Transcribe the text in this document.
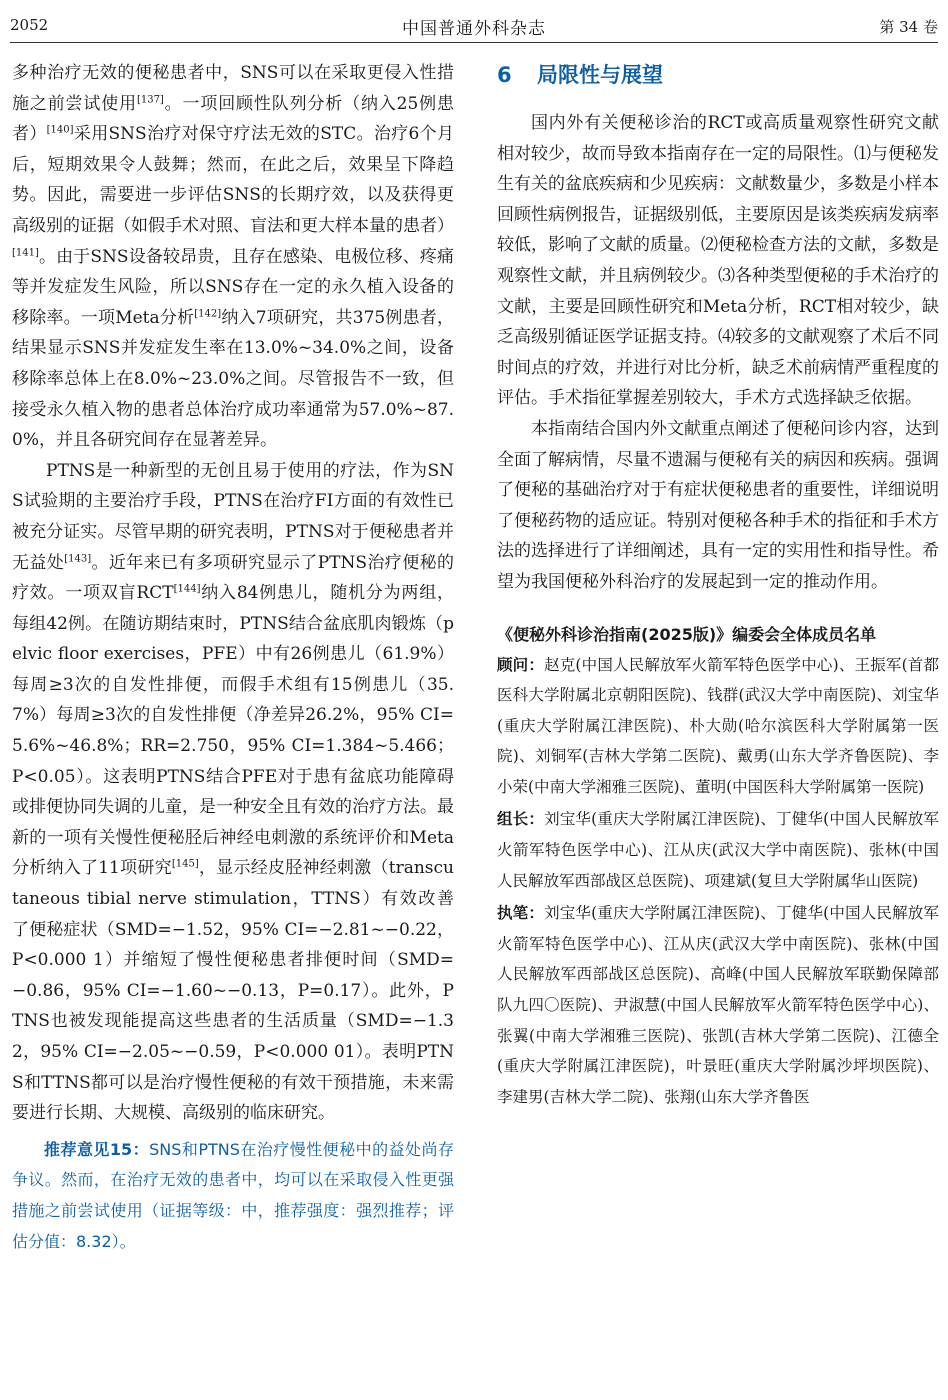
2052	中国普通外科杂志	第 34 卷

多种治疗无效的便秘患者中，SNS可以在采取更侵入性措施之前尝试使用[137]。一项回顾性队列分析（纳入25例患者）[140]采用SNS治疗对保守疗法无效的STC。治疗6个月后，短期效果令人鼓舞；然而，在此之后，效果呈下降趋势。因此，需要进一步评估SNS的长期疗效，以及获得更高级别的证据（如假手术对照、盲法和更大样本量的患者）[141]。由于SNS设备较昂贵，且存在感染、电极位移、疼痛等并发症发生风险，所以SNS存在一定的永久植入设备的移除率。一项Meta分析[142]纳入7项研究，共375例患者，结果显示SNS并发症发生率在13.0%~34.0%之间，设备移除率总体上在8.0%~23.0%之间。尽管报告不一致，但接受永久植入物的患者总体治疗成功率通常为57.0%~87.0%，并且各研究间存在显著差异。

PTNS是一种新型的无创且易于使用的疗法，作为SNS试验期的主要治疗手段，PTNS在治疗FI方面的有效性已被充分证实。尽管早期的研究表明，PTNS对于便秘患者并无益处[143]。近年来已有多项研究显示了PTNS治疗便秘的疗效。一项双盲RCT[144]纳入84例患儿，随机分为两组，每组42例。在随访期结束时，PTNS结合盆底肌肉锻炼（pelvic floor exercises，PFE）中有26例患儿（61.9%）每周≥3次的自发性排便，而假手术组有15例患儿（35.7%）每周≥3次的自发性排便（净差异26.2%，95% CI=5.6%~46.8%；RR=2.750，95% CI=1.384~5.466；P<0.05）。这表明PTNS结合PFE对于患有盆底功能障碍或排便协同失调的儿童，是一种安全且有效的治疗方法。最新的一项有关慢性便秘胫后神经电刺激的系统评价和Meta分析纳入了11项研究[145]，显示经皮胫神经刺激（transcutaneous tibial nerve stimulation，TTNS）有效改善了便秘症状（SMD=−1.52，95% CI=−2.81~−0.22，P<0.000 1）并缩短了慢性便秘患者排便时间（SMD=−0.86，95% CI=−1.60~−0.13，P=0.17）。此外，PTNS也被发现能提高这些患者的生活质量（SMD=−1.32，95% CI=−2.05~−0.59，P<0.000 01）。表明PTNS和TTNS都可以是治疗慢性便秘的有效干预措施，未来需要进行长期、大规模、高级别的临床研究。

推荐意见15：SNS和PTNS在治疗慢性便秘中的益处尚存争议。然而，在治疗无效的患者中，均可以在采取侵入性更强措施之前尝试使用（证据等级：中，推荐强度：强烈推荐；评估分值：8.32）。
6 局限性与展望

国内外有关便秘诊治的RCT或高质量观察性研究文献相对较少，故而导致本指南存在一定的局限性。⑴与便秘发生有关的盆底疾病和少见疾病：文献数量少，多数是小样本回顾性病例报告，证据级别低，主要原因是该类疾病发病率较低，影响了文献的质量。⑵便秘检查方法的文献，多数是观察性文献，并且病例较少。⑶各种类型便秘的手术治疗的文献，主要是回顾性研究和Meta分析，RCT相对较少，缺乏高级别循证医学证据支持。⑷较多的文献观察了术后不同时间点的疗效，并进行对比分析，缺乏术前病情严重程度的评估。手术指征掌握差别较大，手术方式选择缺乏依据。

本指南结合国内外文献重点阐述了便秘问诊内容，达到全面了解病情，尽量不遗漏与便秘有关的病因和疾病。强调了便秘的基础治疗对于有症状便秘患者的重要性，详细说明了便秘药物的适应证。特别对便秘各种手术的指征和手术方法的选择进行了详细阐述，具有一定的实用性和指导性。希望为我国便秘外科治疗的发展起到一定的推动作用。

《便秘外科诊治指南(2025版)》编委会全体成员名单

顾问：赵克(中国人民解放军火箭军特色医学中心)、王振军(首都医科大学附属北京朝阳医院)、钱群(武汉大学中南医院)、刘宝华(重庆大学附属江津医院)、朴大勋(哈尔滨医科大学附属第一医院)、刘铜军(吉林大学第二医院)、戴勇(山东大学齐鲁医院)、李小荣(中南大学湘雅三医院)、董明(中国医科大学附属第一医院)

组长：刘宝华(重庆大学附属江津医院)、丁健华(中国人民解放军火箭军特色医学中心)、江从庆(武汉大学中南医院)、张林(中国人民解放军西部战区总医院)、项建斌(复旦大学附属华山医院)

执笔：刘宝华(重庆大学附属江津医院)、丁健华(中国人民解放军火箭军特色医学中心)、江从庆(武汉大学中南医院)、张林(中国人民解放军西部战区总医院)、高峰(中国人民解放军联勤保障部队九四〇医院)、尹淑慧(中国人民解放军火箭军特色医学中心)、张翼(中南大学湘雅三医院)、张凯(吉林大学第二医院)、江德全(重庆大学附属江津医院)，叶景旺(重庆大学附属沙坪坝医院)、李建男(吉林大学二院)、张翔(山东大学齐鲁医
